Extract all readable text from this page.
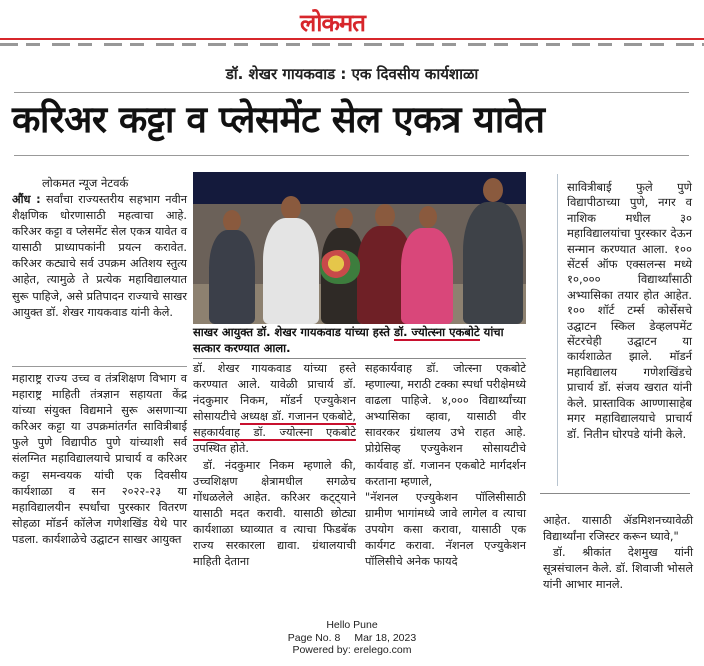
लोकमत
डॉ. शेखर गायकवाड : एक दिवसीय कार्यशाळा
करिअर कट्टा व प्लेसमेंट सेल एकत्र यावेत
लोकमत न्यूज नेटवर्क

औंध : सर्वांचा राज्यस्तरीय सहभाग नवीन शैक्षणिक धोरणासाठी महत्वाचा आहे. करिअर कट्टा व प्लेसमेंट सेल एकत्र यावेत व यासाठी प्राध्यापकांनी प्रयत्न करावेत. करिअर कट्याचे सर्व उपक्रम अतिशय स्तुत्य आहेत, त्यामुळे ते प्रत्येक महाविद्यालयात सुरू पाहिजे, असे प्रतिपादन राज्याचे साखर आयुक्त डॉ. शेखर गायकवाड यांनी केले.

महाराष्ट्र राज्य उच्च व तंत्रशिक्षण विभाग व महाराष्ट्र माहिती तंत्रज्ञान सहायता केंद्र यांच्या संयुक्त विद्यमाने सुरू असणाऱ्या करिअर कट्टा या उपक्रमांतर्गत सावित्रीबाई फुले पुणे विद्यापीठ पुणे यांच्याशी सर्व संलग्नित महाविद्यालयाचे प्राचार्य व करिअर कट्टा समन्वयक यांची एक दिवसीय कार्यशाळा व सन २०२२-२३ या महाविद्यालयीन स्पर्धांचा पुरस्कार वितरण सोहळा मॉडर्न कॉलेज गणेशखिंड येथे पार पडला. कार्यशाळेचे उद्घाटन साखर आयुक्त

साखर आयुक्त डॉ. शेखर गायकवाड यांच्या हस्ते डॉ. ज्योत्स्ना एकबोटे यांचा सत्कार करण्यात आला.

डॉ. शेखर गायकवाड यांच्या हस्ते करण्यात आले. यावेळी प्राचार्य डॉ. नंदकुमार निकम, मॉडर्न एज्युकेशन सोसायटीचे अध्यक्ष डॉ. गजानन एकबोटे, सहकार्यवाह डॉ. ज्योत्स्ना एकबोटे उपस्थित होते.

डॉ. नंदकुमार निकम म्हणाले की, उच्चशिक्षण क्षेत्रामधील सगळेच गोंधळलेले आहेत. करिअर कट्ट्याने यासाठी मदत करावी. यासाठी छोट्या कार्यशाळा घ्याव्यात व त्याचा फिडबॅक राज्य सरकारला द्यावा. ग्रंथालयाची माहिती देताना

सहकार्यवाह डॉ. जोत्स्ना एकबोटे म्हणाल्या, मराठी टक्का स्पर्धा परीक्षेमध्ये वाढला पाहिजे. ४,००० विद्यार्थ्यांच्या अभ्यासिका व्हावा, यासाठी वीर सावरकर ग्रंथालय उभे राहत आहे. प्रोग्रेसिव्ह एज्युकेशन सोसायटीचे कार्यवाह डॉ. गजानन एकबोटे मार्गदर्शन करताना म्हणाले,

"नॅशनल एज्युकेशन पॉलिसीसाठी ग्रामीण भागांमध्ये जावे लागेल व त्याचा उपयोग कसा करावा, यासाठी एक कार्यगट करावा. नॅशनल एज्युकेशन पॉलिसीचे अनेक फायदे

सावित्रीबाई फुले पुणे विद्यापीठाच्या पुणे, नगर व नाशिक मधील ३० महाविद्यालयांचा पुरस्कार देऊन सन्मान करण्यात आला. १०० सेंटर्स ऑफ एक्सलन्स मध्ये १०,००० विद्यार्थ्यांसाठी अभ्यासिका तयार होत आहेत. १०० शॉर्ट टर्म्स कोर्सेसचे उद्घाटन स्किल डेव्हलपमेंट सेंटरचेही उद्घाटन या कार्यशाळेत झाले. मॉडर्न महाविद्यालय गणेशखिंडचे प्राचार्य डॉ. संजय खरात यांनी केले. प्रास्ताविक आण्णासाहेब मगर महाविद्यालयाचे प्राचार्य डॉ. नितीन घोरपडे यांनी केले.

आहेत. यासाठी ॲडमिशनच्यावेळी विद्यार्थ्यांना रजिस्टर करून घ्यावे,"

डॉ. श्रीकांत देशमुख यांनी सूत्रसंचालन केले. डॉ. शिवाजी भोसले यांनी आभार मानले.

Hello Pune
Page No. 8 Mar 18, 2023
Powered by: erelego.com
